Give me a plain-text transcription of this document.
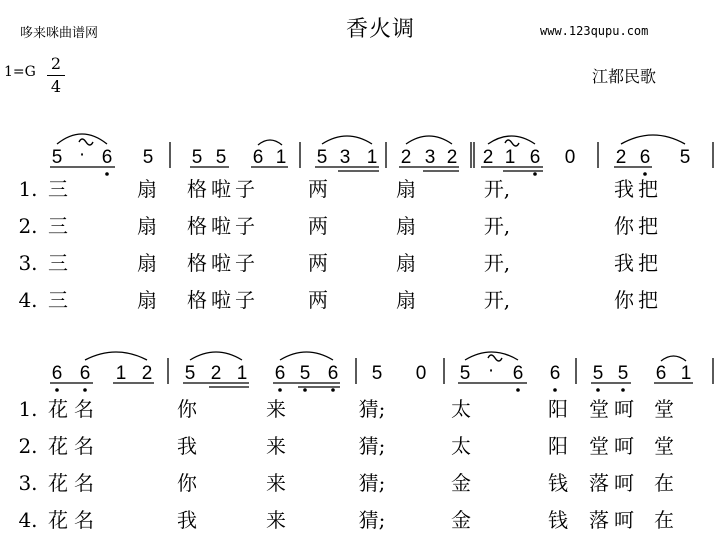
哆来咪曲谱网	香火调	www.123qupu.com
1=G 2
4
江都民歌
5 6 5 5 5 6 1 5 3 1 2 3 2 2 1 6 0 2 6 5
·
1. 三	扇 格 啦 子	两	扇	开,	我 把
2. 三	扇 格 啦 子	两	扇	开,	你 把
3. 三	扇 格 啦 子	两	扇	开,	我 把
4. 三	扇 格 啦 子	两	扇	开,	你 把
6 6 1 2 5 2 1 6 5 6 5 0 5 6 6 5 5 6 1
·
1. 花 名	你	来	猜;	太	阳 堂 呵 堂
2. 花 名	我	来	猜;	太	阳 堂 呵 堂
3. 花 名	你	来	猜;	金	钱 落 呵 在
4. 花 名	我	来	猜;	金	钱 落 呵 在
